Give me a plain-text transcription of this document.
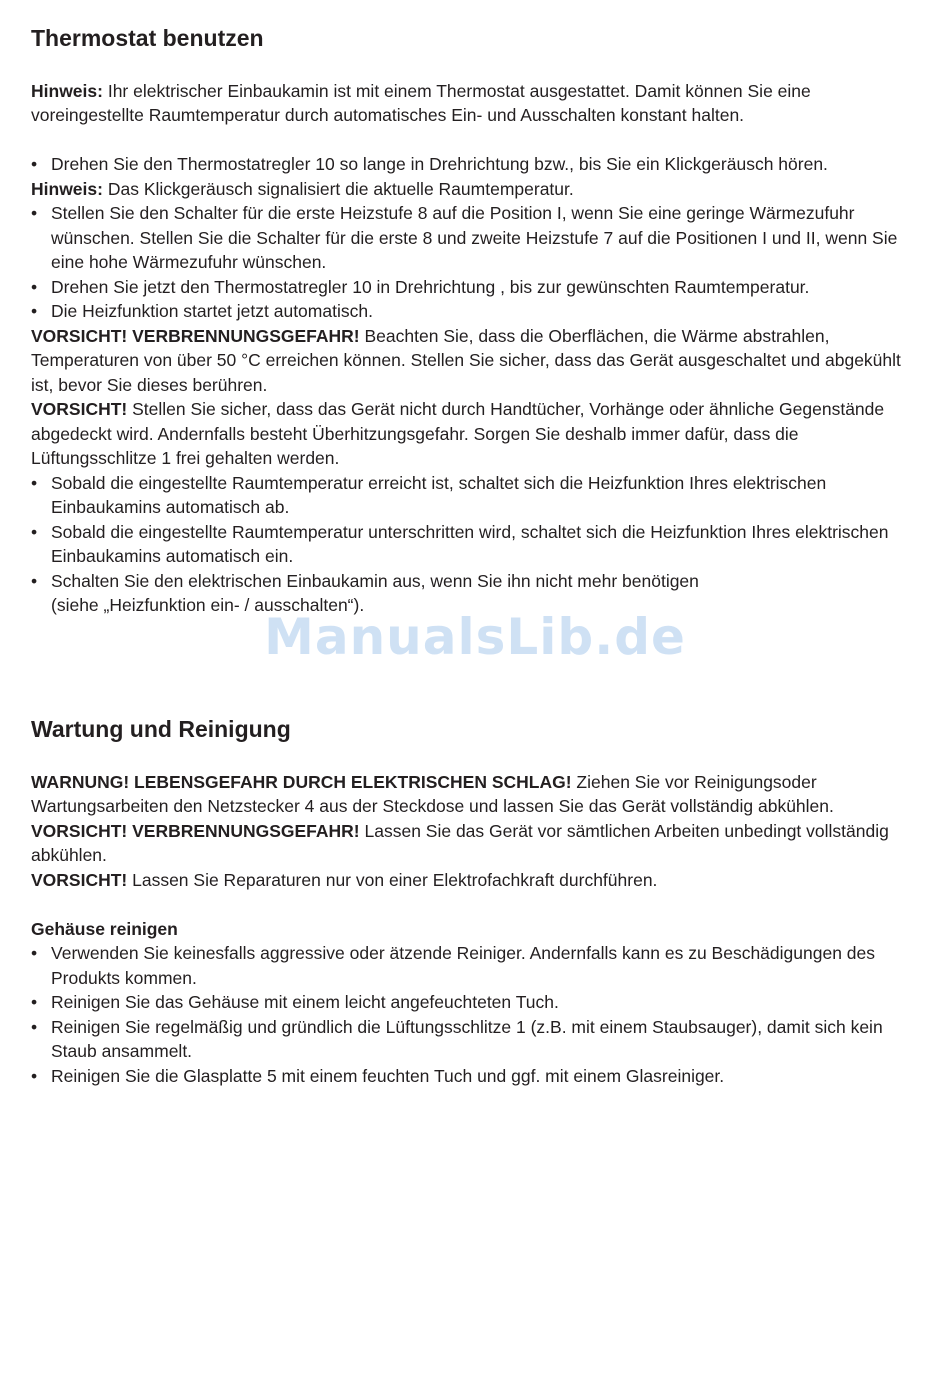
Thermostat benutzen

Hinweis: Ihr elektrischer Einbaukamin ist mit einem Thermostat ausgestattet. Damit können Sie eine voreingestellte Raumtemperatur durch automatisches Ein- und Ausschalten konstant halten.

• Drehen Sie den Thermostatregler 10 so lange in Drehrichtung bzw., bis Sie ein Klickgeräusch hören.

Hinweis: Das Klickgeräusch signalisiert die aktuelle Raumtemperatur.

• Stellen Sie den Schalter für die erste Heizstufe 8 auf die Position I, wenn Sie eine geringe Wärmezufuhr wünschen. Stellen Sie die Schalter für die erste 8 und zweite Heizstufe 7 auf die Positionen I und II, wenn Sie eine hohe Wärmezufuhr wünschen.
• Drehen Sie jetzt den Thermostatregler 10 in Drehrichtung , bis zur gewünschten Raumtemperatur.
• Die Heizfunktion startet jetzt automatisch.

VORSICHT! VERBRENNUNGSGEFAHR! Beachten Sie, dass die Oberflächen, die Wärme abstrahlen, Temperaturen von über 50 °C erreichen können. Stellen Sie sicher, dass das Gerät ausgeschaltet und abgekühlt ist, bevor Sie dieses berühren.

VORSICHT! Stellen Sie sicher, dass das Gerät nicht durch Handtücher, Vorhänge oder ähnliche Gegenstände abgedeckt wird. Andernfalls besteht Überhitzungsgefahr. Sorgen Sie deshalb immer dafür, dass die Lüftungsschlitze 1 frei gehalten werden.

• Sobald die eingestellte Raumtemperatur erreicht ist, schaltet sich die Heizfunktion Ihres elektrischen Einbaukamins automatisch ab.
• Sobald die eingestellte Raumtemperatur unterschritten wird, schaltet sich die Heizfunktion Ihres elektrischen Einbaukamins automatisch ein.
• Schalten Sie den elektrischen Einbaukamin aus, wenn Sie ihn nicht mehr benötigen
(siehe „Heizfunktion ein- / ausschalten“).
ManualsLib.de
Wartung und Reinigung

WARNUNG! LEBENSGEFAHR DURCH ELEKTRISCHEN SCHLAG! Ziehen Sie vor Reinigungsoder Wartungsarbeiten den Netzstecker 4 aus der Steckdose und lassen Sie das Gerät vollständig abkühlen.

VORSICHT! VERBRENNUNGSGEFAHR! Lassen Sie das Gerät vor sämtlichen Arbeiten unbedingt vollständig abkühlen.

VORSICHT! Lassen Sie Reparaturen nur von einer Elektrofachkraft durchführen.

Gehäuse reinigen

• Verwenden Sie keinesfalls aggressive oder ätzende Reiniger. Andernfalls kann es zu Beschädigungen des Produkts kommen.
• Reinigen Sie das Gehäuse mit einem leicht angefeuchteten Tuch.
• Reinigen Sie regelmäßig und gründlich die Lüftungsschlitze 1 (z.B. mit einem Staubsauger), damit sich kein Staub ansammelt.
• Reinigen Sie die Glasplatte 5 mit einem feuchten Tuch und ggf. mit einem Glasreiniger.
